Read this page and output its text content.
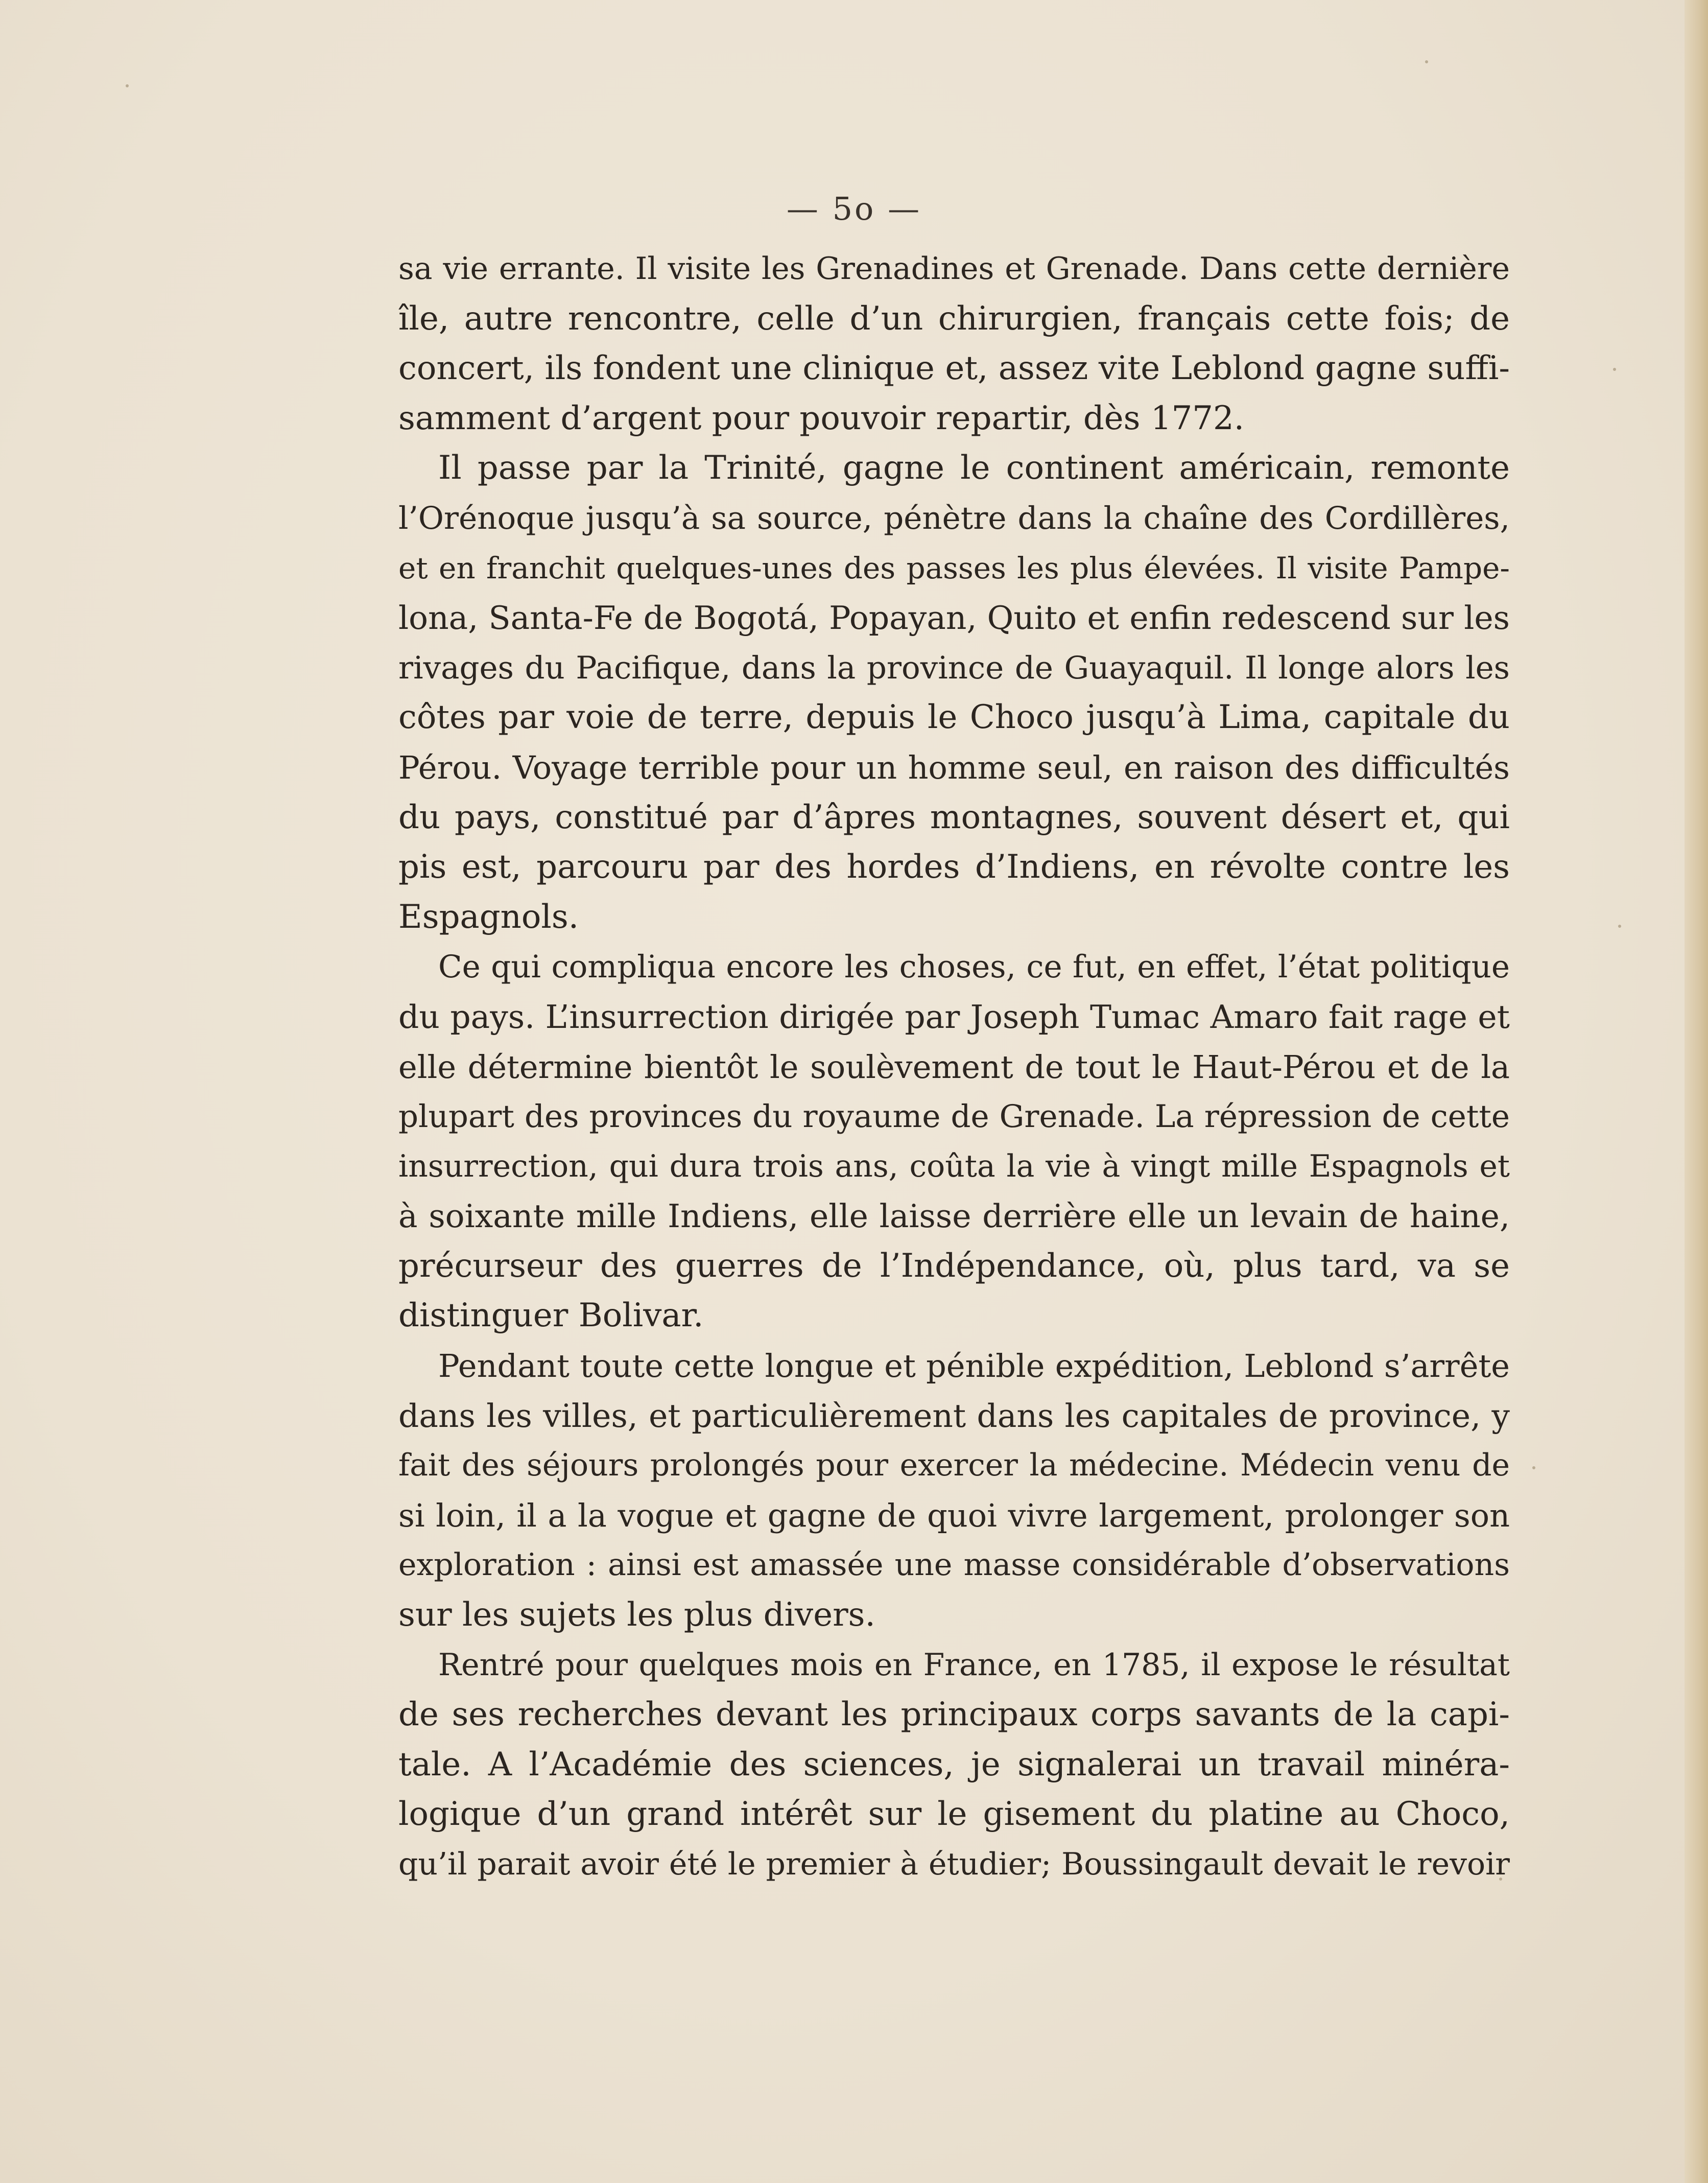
— 5o —
sa vie errante. Il visite les Grenadines et Grenade. Dans cette dernière
île, autre rencontre, celle d’un chirurgien, français cette fois; de
concert, ils fondent une clinique et, assez vite Leblond gagne suffi-
samment d’argent pour pouvoir repartir, dès 1772.
Il passe par la Trinité, gagne le continent américain, remonte
l’Orénoque jusqu’à sa source, pénètre dans la chaîne des Cordillères,
et en franchit quelques-unes des passes les plus élevées. Il visite Pampe-
lona, Santa-Fe de Bogotá, Popayan, Quito et enfin redescend sur les
rivages du Pacifique, dans la province de Guayaquil. Il longe alors les
côtes par voie de terre, depuis le Choco jusqu’à Lima, capitale du
Pérou. Voyage terrible pour un homme seul, en raison des difficultés
du pays, constitué par d’âpres montagnes, souvent désert et, qui
pis est, parcouru par des hordes d’Indiens, en révolte contre les
Espagnols.
Ce qui compliqua encore les choses, ce fut, en effet, l’état politique
du pays. L’insurrection dirigée par Joseph Tumac Amaro fait rage et
elle détermine bientôt le soulèvement de tout le Haut-Pérou et de la
plupart des provinces du royaume de Grenade. La répression de cette
insurrection, qui dura trois ans, coûta la vie à vingt mille Espagnols et
à soixante mille Indiens, elle laisse derrière elle un levain de haine,
précurseur des guerres de l’Indépendance, où, plus tard, va se
distinguer Bolivar.
Pendant toute cette longue et pénible expédition, Leblond s’arrête
dans les villes, et particulièrement dans les capitales de province, y
fait des séjours prolongés pour exercer la médecine. Médecin venu de
si loin, il a la vogue et gagne de quoi vivre largement, prolonger son
exploration : ainsi est amassée une masse considérable d’observations
sur les sujets les plus divers.
Rentré pour quelques mois en France, en 1785, il expose le résultat
de ses recherches devant les principaux corps savants de la capi-
tale. A l’Académie des sciences, je signalerai un travail minéra-
logique d’un grand intérêt sur le gisement du platine au Choco,
qu’il parait avoir été le premier à étudier; Boussingault devait le revoir
